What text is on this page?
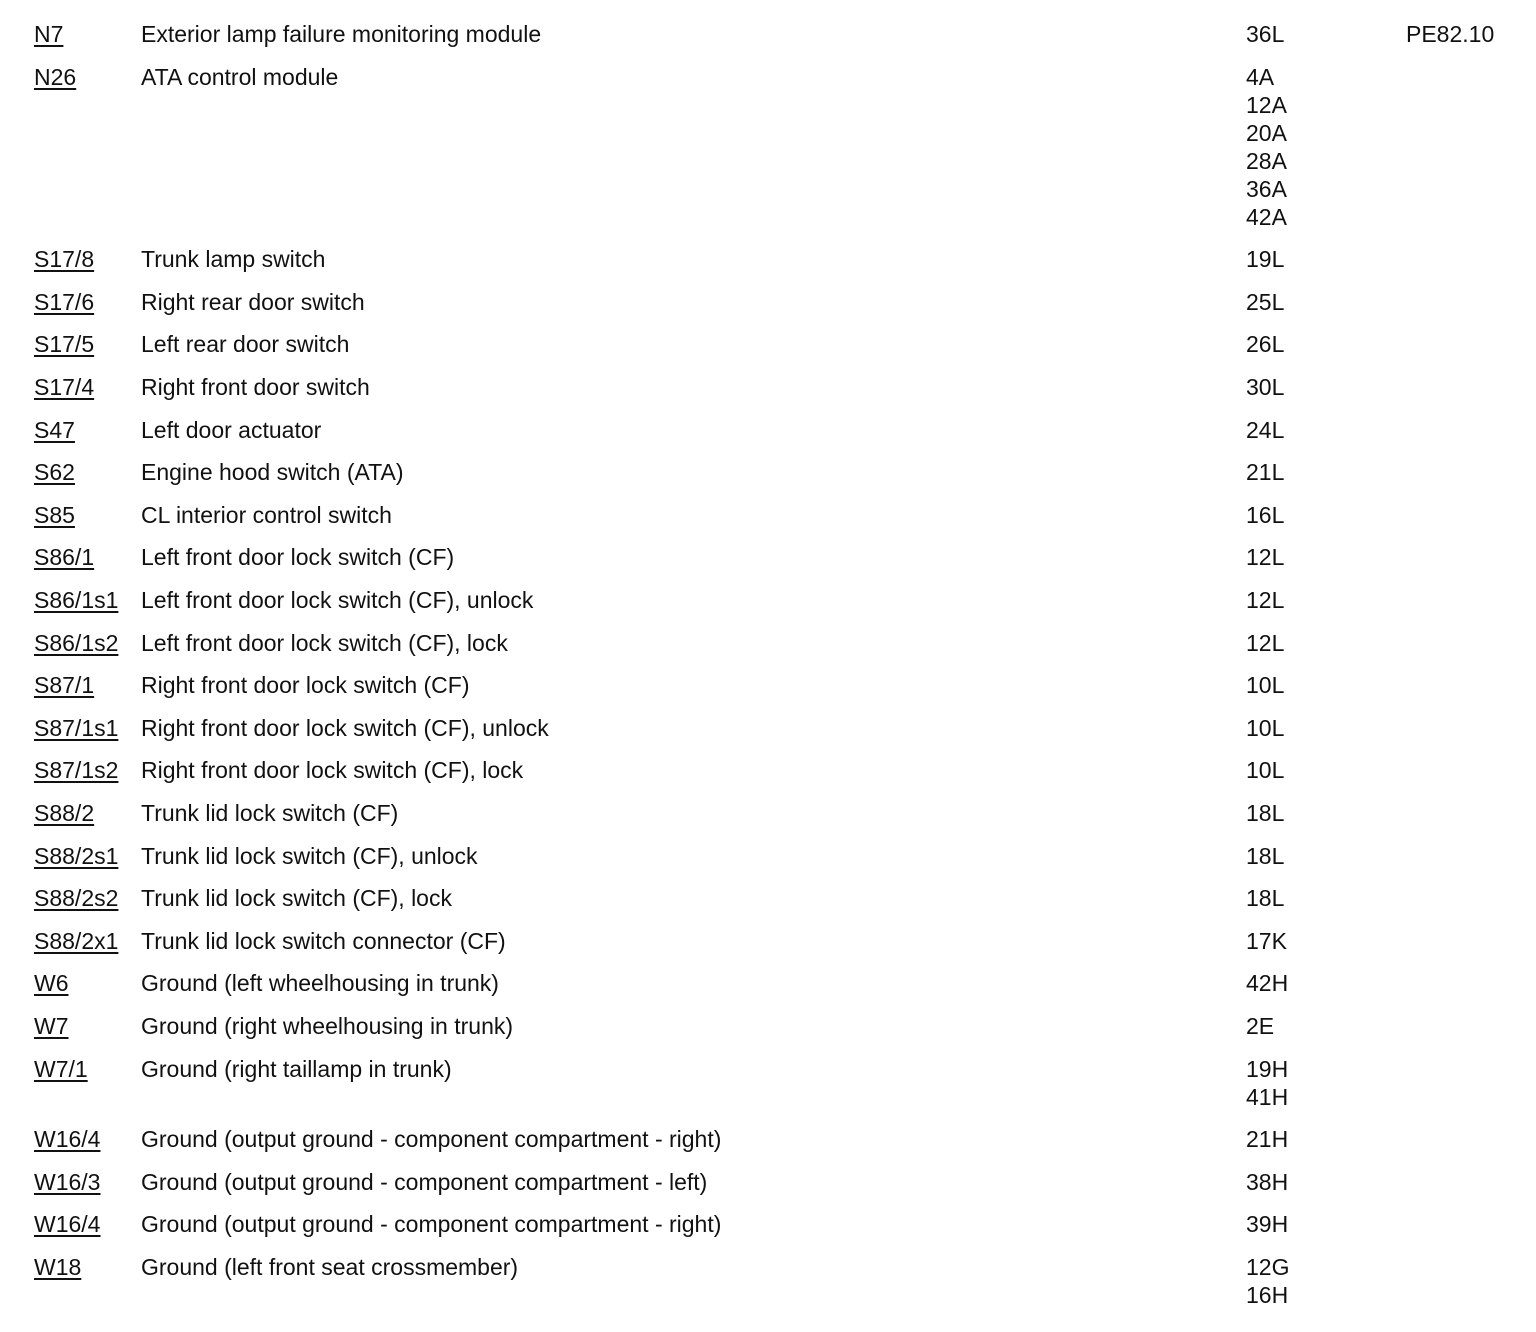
N7	Exterior lamp failure monitoring module	36L	PE82.10
N26	ATA control module	4A
12A
20A
28A
36A
42A
S17/8 Trunk lamp switch	19L
S17/6 Right rear door switch	25L
S17/5 Left rear door switch	26L
S17/4 Right front door switch	30L
S47	Left door actuator	24L
S62	Engine hood switch (ATA)	21L
S85	CL interior control switch	16L
S86/1 Left front door lock switch (CF)	12L
S86/1s1 Left front door lock switch (CF), unlock	12L
S86/1s2 Left front door lock switch (CF), lock	12L
S87/1 Right front door lock switch (CF)	10L
S87/1s1 Right front door lock switch (CF), unlock	10L
S87/1s2 Right front door lock switch (CF), lock	10L
S88/2 Trunk lid lock switch (CF)	18L
S88/2s1 Trunk lid lock switch (CF), unlock	18L
S88/2s2 Trunk lid lock switch (CF), lock	18L
S88/2x1 Trunk lid lock switch connector (CF)	17K
W6	Ground (left wheelhousing in trunk)	42H
W7	Ground (right wheelhousing in trunk)	2E
W7/1 Ground (right taillamp in trunk)	19H
41H
W16/4 Ground (output ground - component compartment - right)	21H
W16/3 Ground (output ground - component compartment - left)	38H
W16/4 Ground (output ground - component compartment - right)	39H
W18	Ground (left front seat crossmember)	12G
16H
